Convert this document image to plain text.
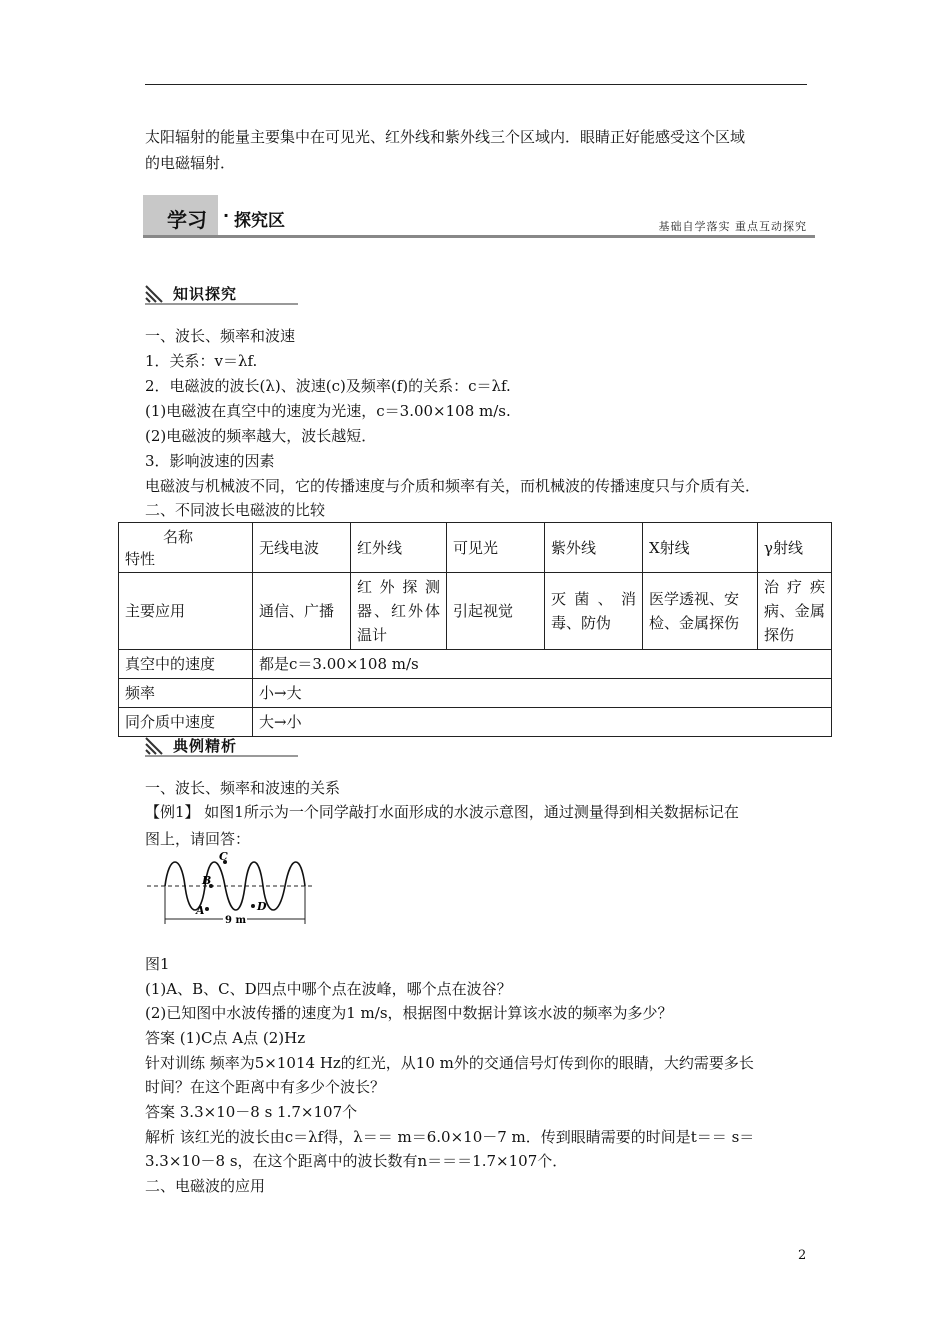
太阳辐射的能量主要集中在可见光、红外线和紫外线三个区域内．眼睛正好能感受这个区域
的电磁辐射．
学习 · 探究区	基础自学落实 重点互动探究
知识探究
一、波长、频率和波速
1．关系：v＝λf.
2．电磁波的波长(λ)、波速(c)及频率(f)的关系：c＝λf.
(1)电磁波在真空中的速度为光速，c＝3.00×108 m/s.
(2)电磁波的频率越大，波长越短．
3．影响波速的因素
电磁波与机械波不同，它的传播速度与介质和频率有关，而机械波的传播速度只与介质有关．
二、不同波长电磁波的比较
名称
特性	无线电波	红外线	可见光	紫外线	X射线	γ射线
主要应用	通信、广播	红外探测器、红外体温计	引起视觉	灭菌、消毒、防伪	医学透视、安检、金属探伤	治疗疾病、金属探伤
真空中的速度	都是c＝3.00×108 m/s					
频率	小→大					
同介质中速度	大→小					
典例精析
一、波长、频率和波速的关系
【例1】 如图1所示为一个同学敲打水面形成的水波示意图，通过测量得到相关数据标记在
图上，请回答：
A
B
C
D
9 m
图1
(1)A、B、C、D四点中哪个点在波峰，哪个点在波谷？
(2)已知图中水波传播的速度为1 m/s，根据图中数据计算该水波的频率为多少？
答案 (1)C点 A点 (2)Hz
针对训练 频率为5×1014 Hz的红光，从10 m外的交通信号灯传到你的眼睛，大约需要多长
时间？在这个距离中有多少个波长？
答案 3.3×10－8 s 1.7×107个
解析 该红光的波长由c＝λf得，λ＝＝ m＝6.0×10－7 m．传到眼睛需要的时间是t＝＝ s＝
3.3×10－8 s，在这个距离中的波长数有n＝＝＝1.7×107个．
二、电磁波的应用
2
